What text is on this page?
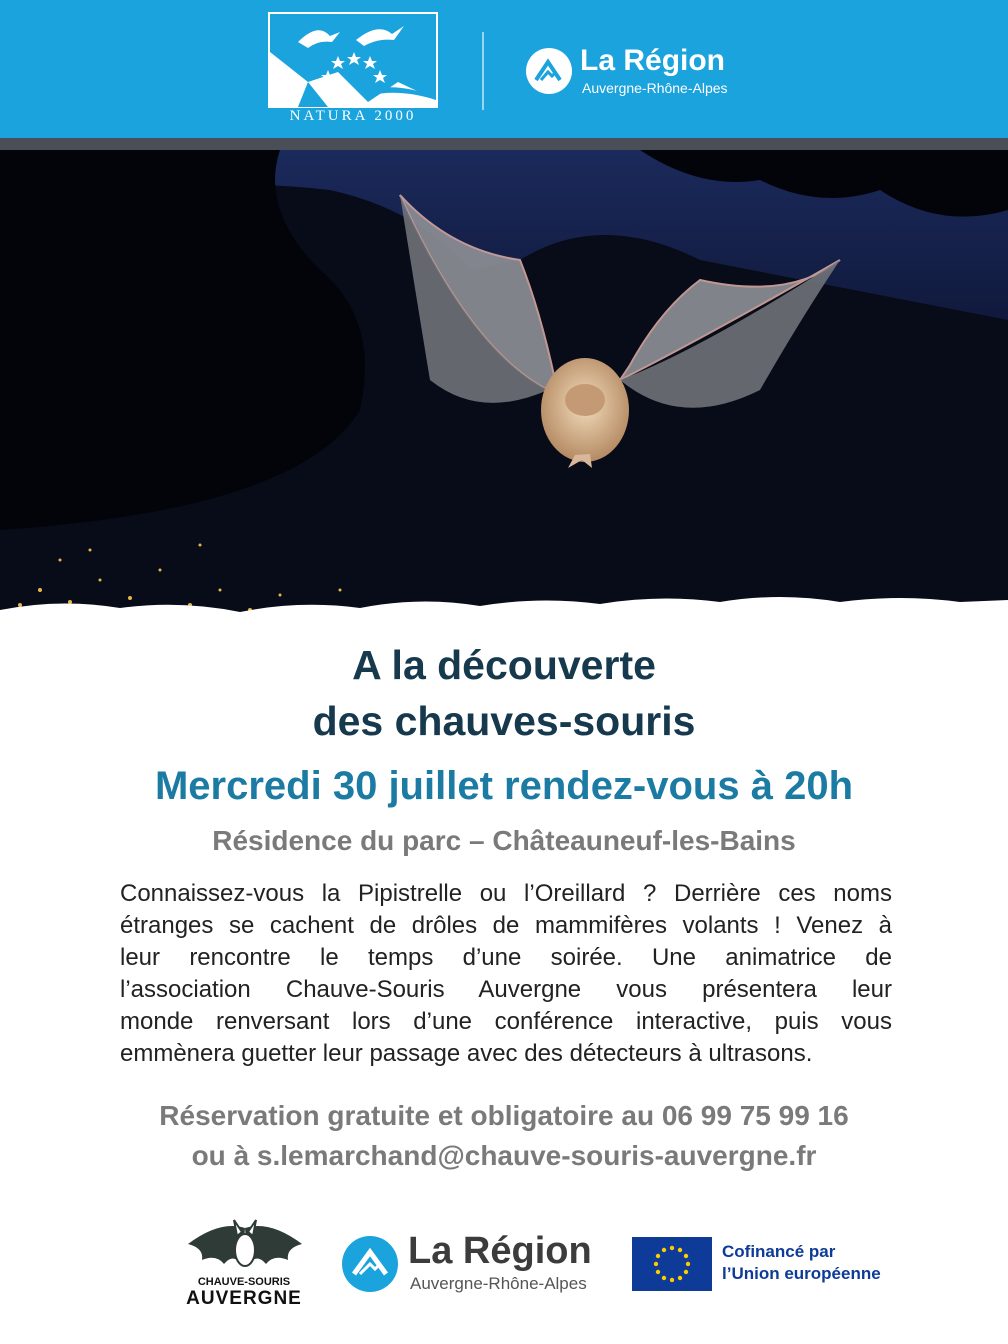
NATURA 2000
La Région
Auvergne-Rhône-Alpes
A la découverte
des chauves-souris
Mercredi 30 juillet rendez-vous à 20h
Résidence du parc – Châteauneuf-les-Bains
Connaissez-vous la Pipistrelle ou l’Oreillard ? Derrière ces noms
étranges se cachent de drôles de mammifères volants ! Venez à
leur rencontre le temps d’une soirée. Une animatrice de
l’association Chauve-Souris Auvergne vous présentera leur
monde renversant lors d’une conférence interactive, puis vous
emmènera guetter leur passage avec des détecteurs à ultrasons.
Réservation gratuite et obligatoire au 06 99 75 99 16
ou à s.lemarchand@chauve-souris-auvergne.fr
CHAUVE-SOURIS
AUVERGNE
La Région
Auvergne-Rhône-Alpes
Cofinancé par
l’Union européenne
